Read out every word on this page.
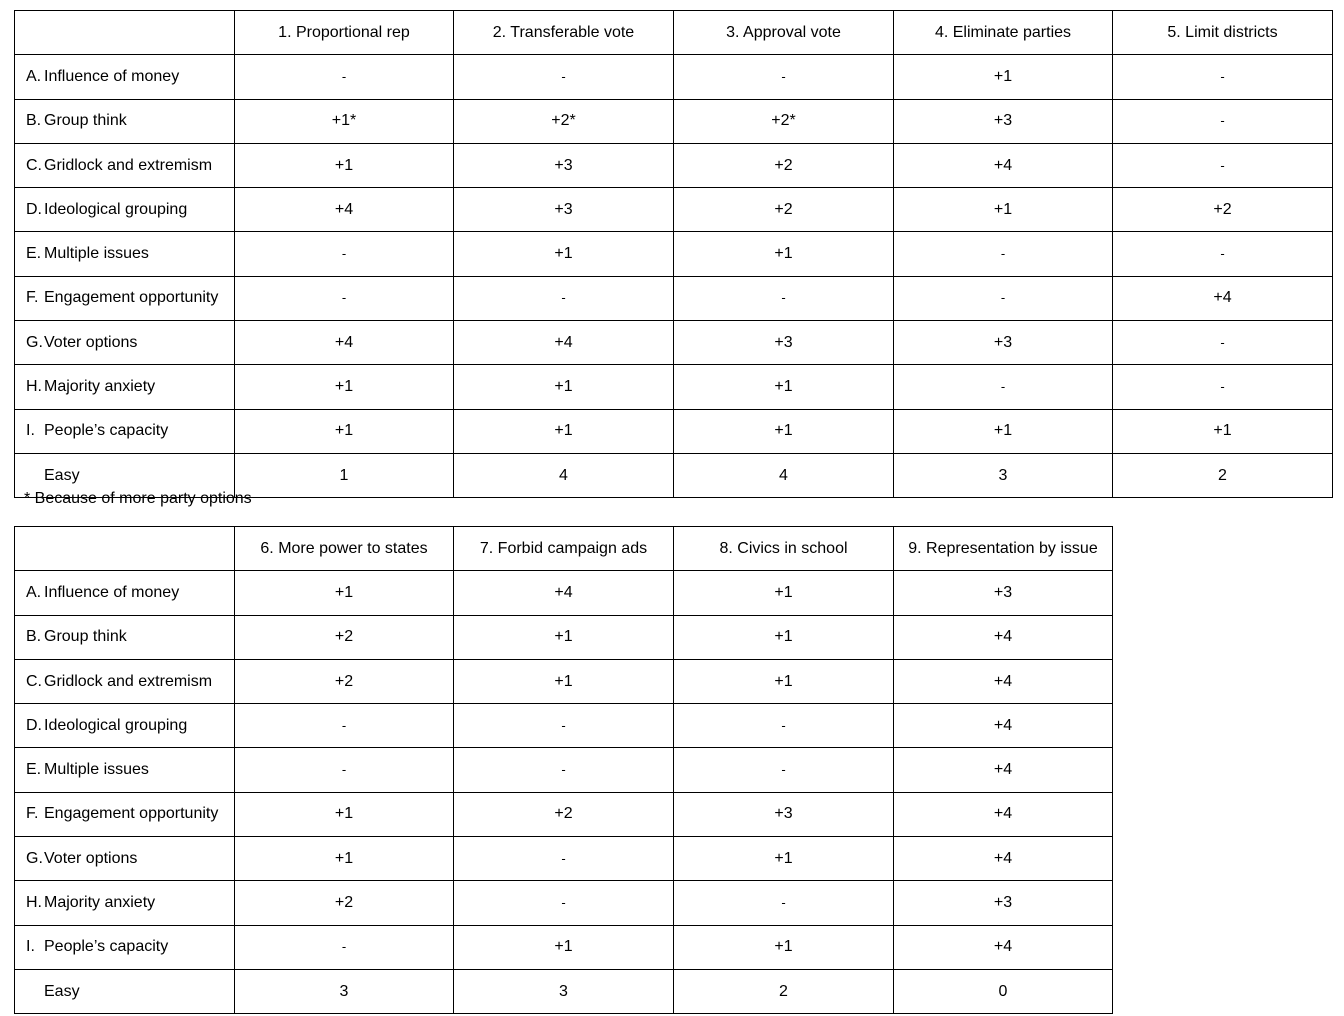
	1. Proportional rep	2. Transferable vote	3. Approval vote	4. Eliminate parties	5. Limit districts

A. Influence of money	-	-	-	+1	-

B. Group think	+1*	+2*	+2*	+3	-

C. Gridlock and extremism	+1	+3	+2	+4	-

D. Ideological grouping	+4	+3	+2	+1	+2

E. Multiple issues	-	+1	+1	-	-

F. Engagement opportunity	-	-	-	-	+4

G. Voter options	+4	+4	+3	+3	-

H. Majority anxiety	+1	+1	+1	-	-

I. People’s capacity	+1	+1	+1	+1	+1

Easy	1	4	4	3	2
* Because of more party options
	6. More power to states	7. Forbid campaign ads	8. Civics in school	9. Representation by issue

A. Influence of money	+1	+4	+1	+3

B. Group think	+2	+1	+1	+4

C. Gridlock and extremism	+2	+1	+1	+4

D. Ideological grouping	-	-	-	+4

E. Multiple issues	-	-	-	+4

F. Engagement opportunity	+1	+2	+3	+4

G. Voter options	+1	-	+1	+4

H. Majority anxiety	+2	-	-	+3

I. People’s capacity	-	+1	+1	+4

Easy	3	3	2	0
